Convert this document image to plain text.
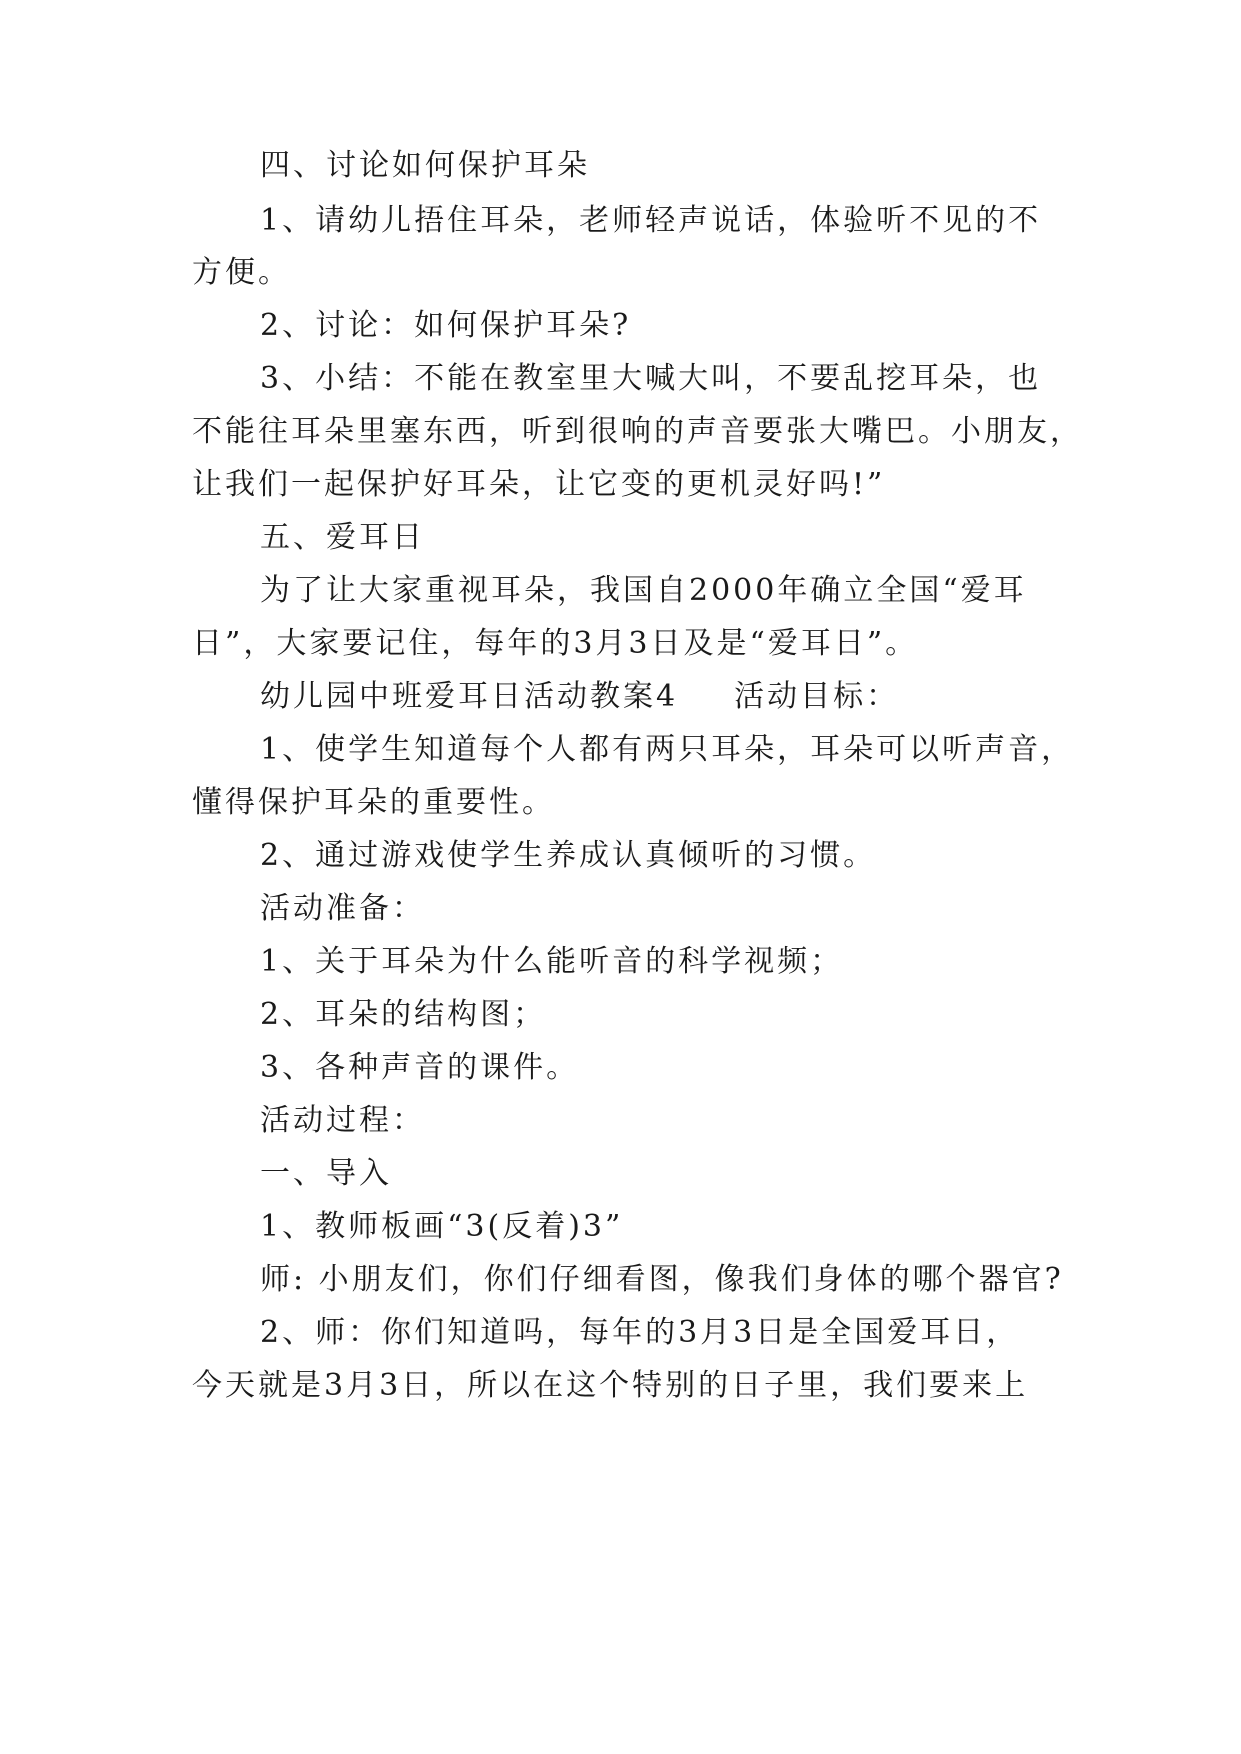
四、讨论如何保护耳朵
1、请幼儿捂住耳朵，老师轻声说话，体验听不见的不
方便。
2、讨论：如何保护耳朵?
3、小结：不能在教室里大喊大叫，不要乱挖耳朵，也
不能往耳朵里塞东西，听到很响的声音要张大嘴巴。小朋友，
让我们一起保护好耳朵，让它变的更机灵好吗!”
五、爱耳日
为了让大家重视耳朵，我国自2000年确立全国“爱耳
日”，大家要记住，每年的3月3日及是“爱耳日”。
幼儿园中班爱耳日活动教案4 活动目标：
1、使学生知道每个人都有两只耳朵，耳朵可以听声音，
懂得保护耳朵的重要性。
2、通过游戏使学生养成认真倾听的习惯。
活动准备：
1、关于耳朵为什么能听音的科学视频；
2、耳朵的结构图；
3、各种声音的课件。
活动过程：
一、导入
1、教师板画“3(反着)3”
师: 小朋友们，你们仔细看图，像我们身体的哪个器官?
2、师：你们知道吗，每年的3月3日是全国爱耳日，
今天就是3月3日，所以在这个特别的日子里，我们要来上
